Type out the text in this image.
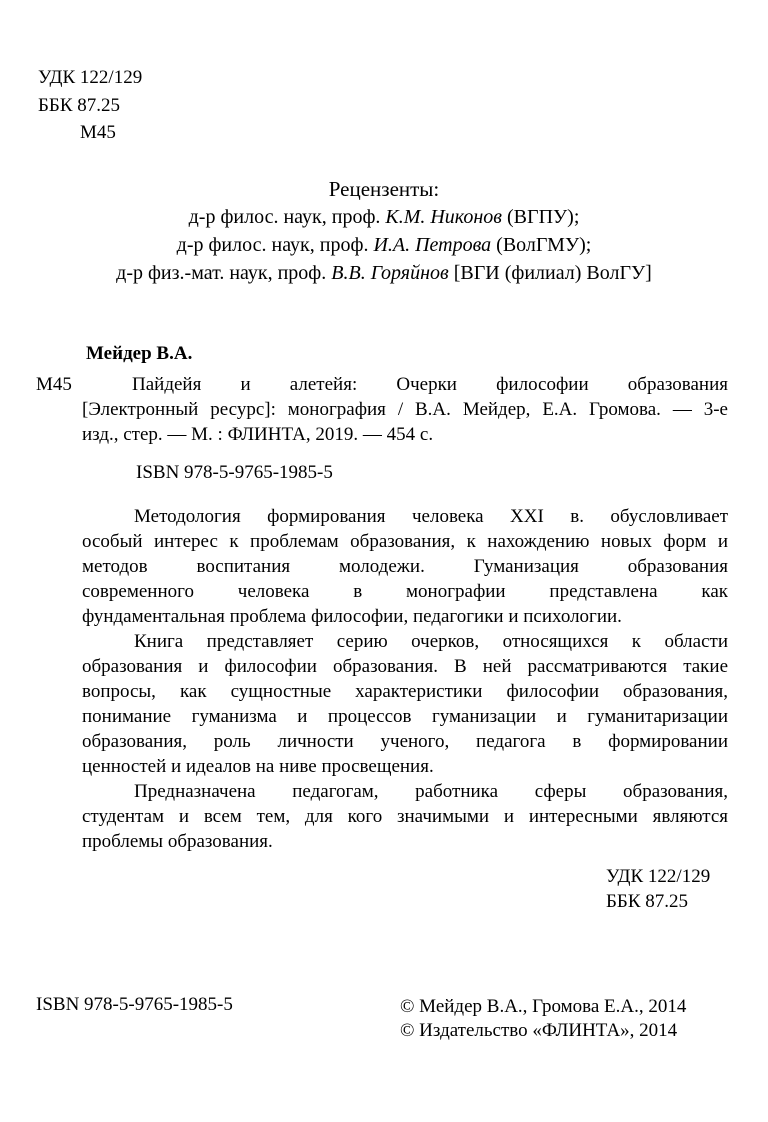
УДК 122/129
ББК 87.25
М45
Рецензенты:
д-р филос. наук, проф. К.М. Никонов (ВГПУ);
д-р филос. наук, проф. И.А. Петрова (ВолГМУ);
д-р физ.-мат. наук, проф. В.В. Горяйнов [ВГИ (филиал) ВолГУ]
Мейдер В.А.
М45	Пайдейя и алетейя: Очерки философии образования
[Электронный ресурс]: монография / В.А. Мейдер, Е.А. Громова. — 3-е
изд., стер. — М. : ФЛИНТА, 2019. — 454 с.
ISBN 978-5-9765-1985-5
Методология формирования человека XXI в. обусловливает
особый интерес к проблемам образования, к нахождению новых форм и
методов воспитания молодежи. Гуманизация образования
современного человека в монографии представлена как
фундаментальная проблема философии, педагогики и психологии.
Книга представляет серию очерков, относящихся к области
образования и философии образования. В ней рассматриваются такие
вопросы, как сущностные характеристики философии образования,
понимание гуманизма и процессов гуманизации и гуманитаризации
образования, роль личности ученого, педагога в формировании
ценностей и идеалов на ниве просвещения.
Предназначена педагогам, работника сферы образования,
студентам и всем тем, для кого значимыми и интересными являются
проблемы образования.
УДК 122/129
ББК 87.25
ISBN 978-5-9765-1985-5	© Мейдер В.А., Громова Е.А., 2014
© Издательство «ФЛИНТА», 2014
